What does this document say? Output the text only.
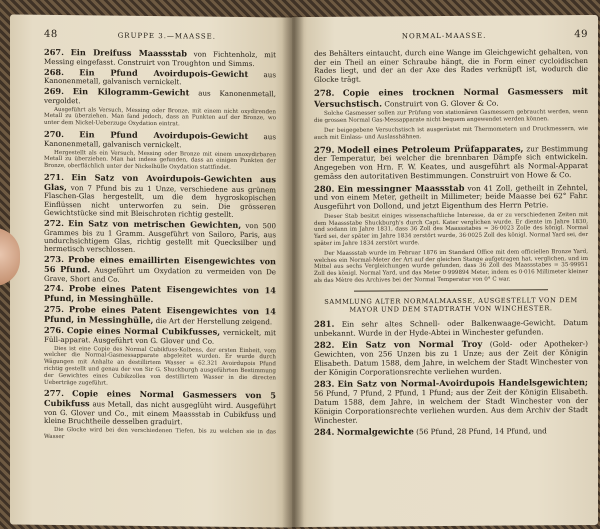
48	GRUPPE 3.—MAASSE.

267. Ein Dreifuss Maassstab von Fichtenholz, mit Messing eingefasst. Construirt von Troughton und Simms.

268. Ein Pfund Avoirdupois-Gewicht aus Kanonenmetall, galvanisch vernickelt.

269. Ein Kilogramm-Gewicht aus Kanonenmetall, vergoldet.

Ausgeführt als Versuch, Messing oder Bronze, mit einem nicht oxydirenden Metall zu überziehen. Man fand jedoch, dass an Punkten auf der Bronze, wo unter dem Nickel-Ueberzuge Oxydation eintrat.

270. Ein Pfund Avoirdupois-Gewicht aus Kanonenmetall, galvanisch vernickelt.

Hergestellt als ein Versuch, Messing oder Bronze mit einem unoxydirbaren Metall zu überziehen. Man hat indess gefunden, dass an einigen Punkten der Bronze, oberflächlich unter der Nickelhülle Oxydation stattfindet.

271. Ein Satz von Avoirdupois-Gewichten aus Glas, von 7 Pfund bis zu 1 Unze, verschiedene aus grünem Flaschen-Glas hergestellt, um die dem hygroskopischen Einflüssen nicht unterworfen zu sein. Die grösseren Gewichtstücke sind mit Bleischroten richtig gestellt.

272. Ein Satz von metrischen Gewichten, von 500 Grammes bis zu 1 Gramm. Ausgeführt von Sailoro, Paris, aus undurchsichtigem Glas, richtig gestellt mit Quecksilber und hermetisch verschlossen.

273. Probe eines emaillirten Eisengewichtes von 56 Pfund. Ausgeführt um Oxydation zu vermeiden von De Grave, Short and Co.

274. Probe eines Patent Eisengewichtes von 14 Pfund, in Messinghülle.

275. Probe eines Patent Eisengewichtes von 14 Pfund, in Messinghülle, die Art der Herstellung zeigend.

276. Copie eines Normal Cubikfusses, vernickelt, mit Füll-apparat. Ausgeführt von G. Glover und Co.

Dies ist eine Copie des Normal Cubikfuss-Kolbens, der ersten Einheit, vom welcher die Normal-Gasmessapparate abgeleitet wurden. Er wurde durch Wägungen mit Anhalte an destillirtem Wasser = 62.321 Avoirdupois Pfund richtig gestellt und genau der von Sir G. Shuckburgh ausgeführten Bestimmung der Gewichtes eines Cubikzolles von destillirtem Wasser in die directen Ueberträge zugeführt.

277. Copie eines Normal Gasmessers von 5 Cubikfuss aus Metall, das nicht ausgeglüht wird. Ausgeführt von G. Glover und Co., mit einem Maassstab in Cubikfuss und kleine Bruchtheile desselben graduirt.

Die Glocke wird bei den verschiedenen Tiefen, bis zu welchen sie in das Wasser

NORMAL-MAASSE.	49

des Behälters eintaucht, durch eine Wange im Gleichgewicht gehalten, von der ein Theil an einer Schraube hängt, die in Form einer cycloidischen Rades liegt, und der an der Axe des Rades verknüpft ist, wodurch die Glocke trägt.

278. Copie eines trocknen Normal Gasmessers mit Versuchstisch. Construirt von G. Glover & Co.

Solche Gasmesser sollen zur Prüfung von stationären Gasmessern gebraucht werden, wenn die grossen Normal Gas-Messapparate nicht bequem angewendet werden können.

Der beigegebene Versuchstisch ist ausgerüstet mit Thermometern und Druckmessern, wie auch mit Einlass- und Auslasshähnen.

279. Modell eines Petroleum Prüfapparates, zur Bestimmung der Temperatur, bei welcher die brennbaren Dämpfe sich entwickeln. Angegeben von Hrn. F. W. Keates, und ausgeführt als Normal-Apparat gemäss den autoritativen Bestimmungen. Construirt von Howe & Co.

280. Ein messingner Maassstab von 41 Zoll, getheilt in Zehntel, und von einem Meter, getheilt in Millimeter; beide Maasse bei 62° Fahr. Ausgeführt von Dollond, und jetzt Eigenthum des Herrn Petrie.

Dieser Stab besitzt einiges wissenschaftliche Interesse, da er zu verschiedenen Zeiten mit dem Maassstabe Shuckburgh's durch Capt. Kater verglichen wurde. Er diente im Jahre 1830, und sodann im Jahre 1831, dass 36 Zoll des Maassstabes = 36·0023 Zolle des königl. Normal Yard sei, der später im Jahre 1834 zerstört wurde, 36·0025 Zoll des königl. Normal Yard sei, der später im Jahre 1834 zerstört wurde.

Der Maassstab wurde im Februar 1876 im Standard Office mit dem officiellen Bronze Yard, welches ein Normal-Meter der Art auf der gleichen Stange aufgetragen hat, verglichen, und im Mittel aus sechs Vergleichungen wurde gefunden, dass 36 Zoll des Maassstabes = 35·99951 Zoll des königl. Normal Yard, und das Meter 0·999894 Meter, indem es 0·016 Millimeter kleiner als das Mètre des Archives bei der Normal Temperatur von 0° C war.

SAMMLUNG ALTER NORMALMAASSE, AUSGESTELLT VON DEM MAYOR UND DEM STADTRATH VON WINCHESTER.

281. Ein sehr altes Schnell- oder Balkenwaage-Gewicht. Datum unbekannt. Wurde in der Hyde-Abtei in Winchester gefunden.

282. Ein Satz von Normal Troy (Gold- oder Apotheker-) Gewichten, von 256 Unzen bis zu 1 Unze; aus der Zeit der Königin Elisabeth. Datum 1588, dem Jahre, in welchem der Stadt Winchester von der Königin Corporationsrechte verliehen wurden.

283. Ein Satz von Normal-Avoirdupois Handelsgewichten; 56 Pfund, 7 Pfund, 2 Pfund, 1 Pfund; aus der Zeit der Königin Elisabeth. Datum 1588, dem Jahre, in welchem der Stadt Winchester von der Königin Corporationsrechte verliehen wurden. Aus dem Archiv der Stadt Winchester.

284. Normalgewichte (56 Pfund, 28 Pfund, 14 Pfund, und
